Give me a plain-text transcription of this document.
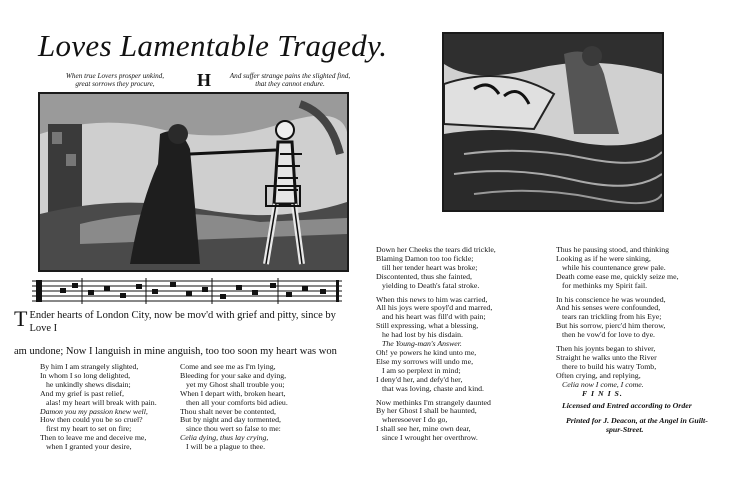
Loves Lamentable Tragedy.
When true Lovers prosper unkind,
great sorrows they procure,	H	And suffer strange pains the slighted find,
that they cannot endure.
T Ender hearts of London City, now be mov'd with grief and pitty, since by Love I
am undone; Now I languish in mine anguish, too too soon my heart was won
By him I am strangely slighted,
In whom I so long delighted,
he unkindly shews disdain;
And my grief is past relief,
alas! my heart will break with pain.
Damon you my passion knew well,
How then could you be so cruel?
first my heart to set on fire;
Then to leave me and deceive me,
when I granted your desire,
Come and see me as I'm lying,
Bleeding for your sake and dying,
yet my Ghost shall trouble you;
When I depart with, broken heart,
then all your comforts bid adieu.
Thou shalt never be contented,
But by night and day tormented,
since thou wert so false to me:
Celia dying, thus lay crying,
I will be a plague to thee.
Down her Cheeks the tears did trickle,
Blaming Damon too too fickle;
till her tender heart was broke;
Discontented, thus she fainted,
yielding to Death's fatal stroke.
When this news to him was carried,
All his joys were spoyl'd and marred,
and his heart was fill'd with pain;
Still expressing, what a blessing,
he had lost by his disdain.
The Young-man's Answer.
Oh! ye powers he kind unto me,
Else my sorrows will undo me,
I am so perplext in mind;
I deny'd her, and defy'd her,
that was loving, chaste and kind.
Now methinks I'm strangely daunted
By her Ghost I shall be haunted,
wheresoever I do go,
I shall see her, mine own dear,
since I wrought her overthrow.
Thus he pausing stood, and thinking
Looking as if he were sinking,
while his countenance grew pale.
Death come ease me, quickly seize me,
for methinks my Spirit fail.
In his conscience he was wounded,
And his senses were confounded,
tears ran trickling from his Eye;
But his sorrow, pierc'd him therow,
then he vow'd for love to dye.
Then his joynts began to shiver,
Straight he walks unto the River
there to build his watry Tomb,
Often crying, and replying,
Celia now I come, I come.
F I N I S.
Licensed and Entred according to Order
Printed for J. Deacon, at the Angel in Guilt-
spur-Street.
